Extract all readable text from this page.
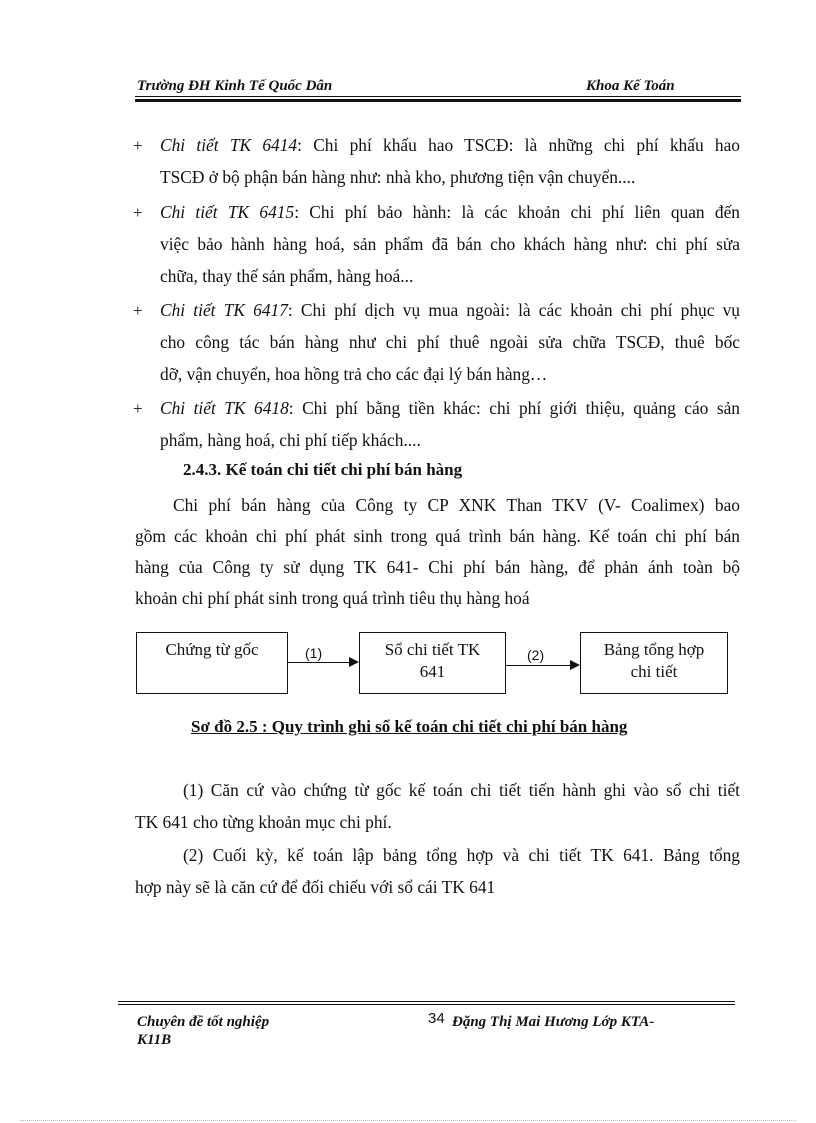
Trường ĐH Kinh Tế Quốc Dân	Khoa Kế Toán
+ Chi tiết TK 6414: Chi phí khấu hao TSCĐ: là những chi phí khấu hao
TSCĐ ở bộ phận bán hàng như: nhà kho, phương tiện vận chuyển....
+ Chi tiết TK 6415: Chi phí bảo hành: là các khoản chi phí liên quan đến
việc bảo hành hàng hoá, sản phẩm đã bán cho khách hàng như: chi phí sửa
chữa, thay thế sản phẩm, hàng hoá...
+ Chi tiết TK 6417: Chi phí dịch vụ mua ngoài: là các khoản chi phí phục vụ
cho công tác bán hàng như chi phí thuê ngoài sửa chữa TSCĐ, thuê bốc
dỡ, vận chuyển, hoa hồng trả cho các đại lý bán hàng…
+ Chi tiết TK 6418: Chi phí bằng tiền khác: chi phí giới thiệu, quảng cáo sản
phẩm, hàng hoá, chi phí tiếp khách....
2.4.3. Kế toán chi tiết chi phí bán hàng
Chi phí bán hàng của Công ty CP XNK Than TKV (V- Coalimex) bao
gồm các khoản chi phí phát sinh trong quá trình bán hàng. Kế toán chi phí bán
hàng của Công ty sử dụng TK 641- Chi phí bán hàng, để phản ánh toàn bộ
khoản chi phí phát sinh trong quá trình tiêu thụ hàng hoá
Chứng từ gốc	Sổ chi tiết TK
641
Bảng tổng hợp
chi tiết
(1)	(2)
Sơ đồ 2.5 : Quy trình ghi sổ kế toán chi tiết chi phí bán hàng
(1) Căn cứ vào chứng từ gốc kế toán chi tiết tiến hành ghi vào sổ chi tiết
TK 641 cho từng khoản mục chi phí.
(2) Cuối kỳ, kế toán lập bảng tổng hợp và chi tiết TK 641. Bảng tổng
hợp này sẽ là căn cứ để đối chiếu với sổ cái TK 641
Chuyên đề tốt nghiệp
K11B
34 Đặng Thị Mai Hương Lớp KTA-
